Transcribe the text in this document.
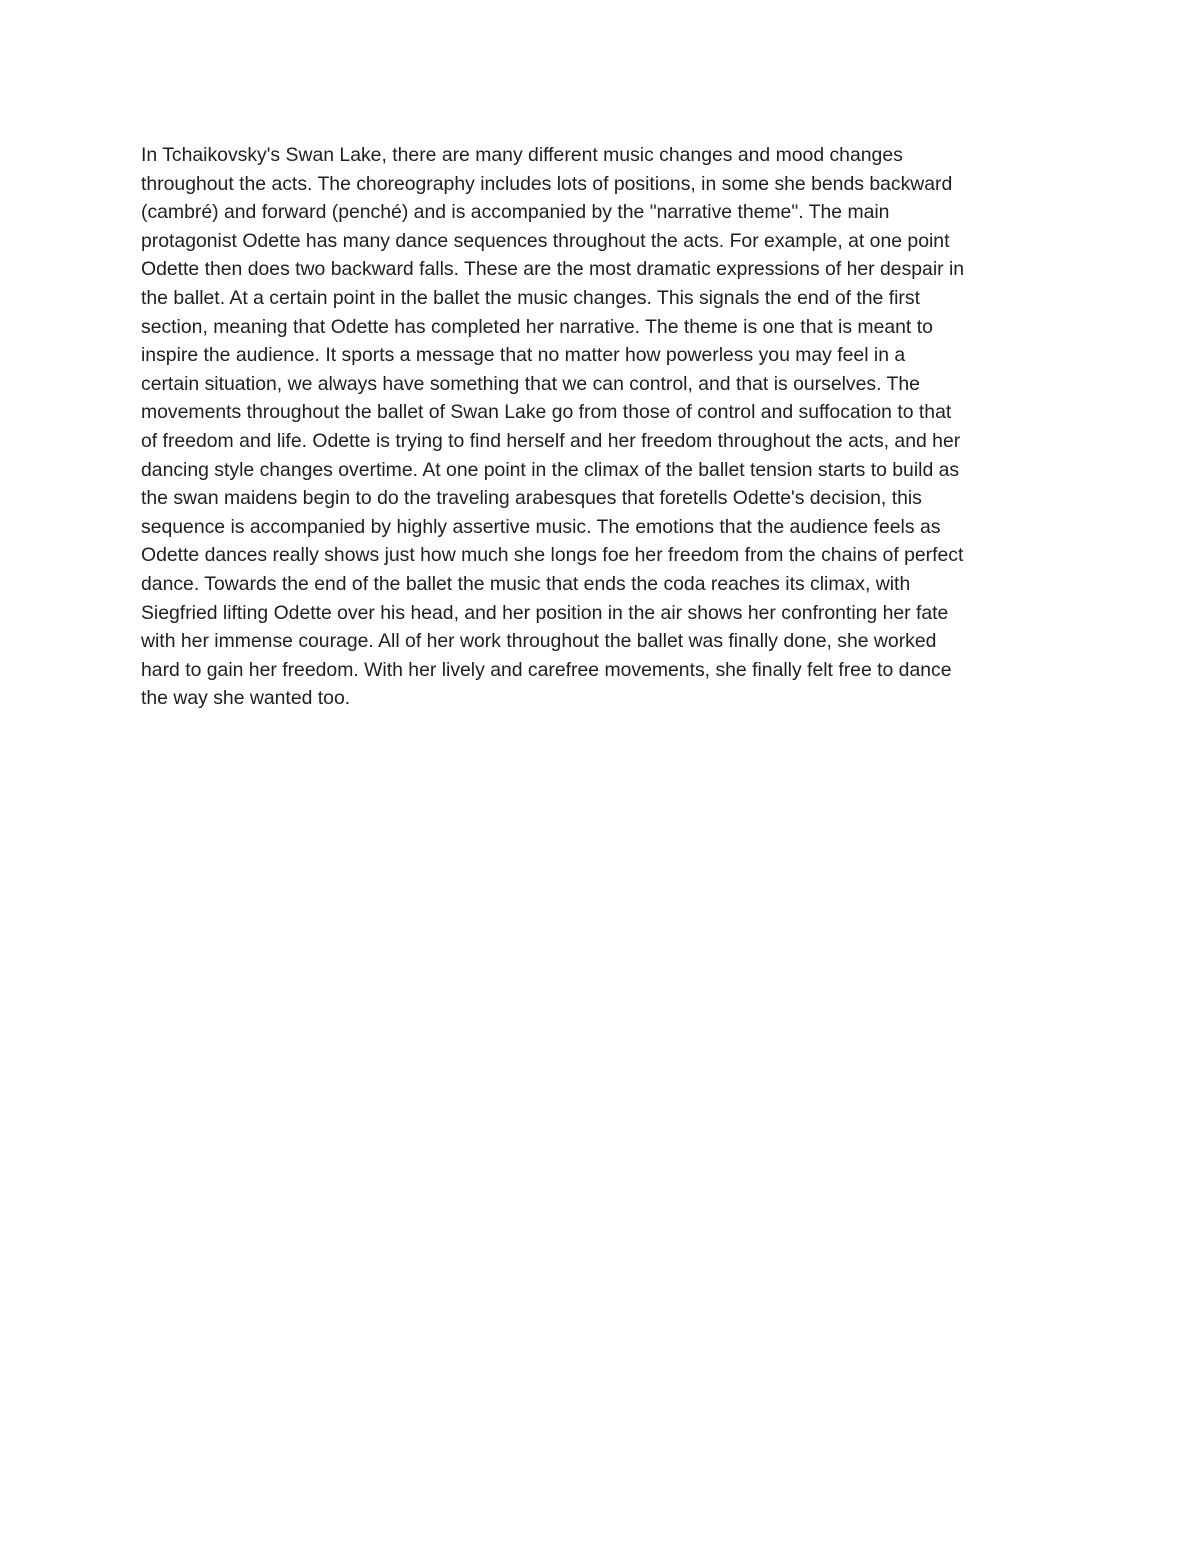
In Tchaikovsky's Swan Lake, there are many different music changes and mood changes
throughout the acts. The choreography includes lots of positions, in some she bends backward
(cambré) and forward (penché) and is accompanied by the "narrative theme". The main
protagonist Odette has many dance sequences throughout the acts. For example, at one point
Odette then does two backward falls. These are the most dramatic expressions of her despair in
the ballet. At a certain point in the ballet the music changes. This signals the end of the first
section, meaning that Odette has completed her narrative. The theme is one that is meant to
inspire the audience. It sports a message that no matter how powerless you may feel in a
certain situation, we always have something that we can control, and that is ourselves. The
movements throughout the ballet of Swan Lake go from those of control and suffocation to that
of freedom and life. Odette is trying to find herself and her freedom throughout the acts, and her
dancing style changes overtime. At one point in the climax of the ballet tension starts to build as
the swan maidens begin to do the traveling arabesques that foretells Odette's decision, this
sequence is accompanied by highly assertive music. The emotions that the audience feels as
Odette dances really shows just how much she longs foe her freedom from the chains of perfect
dance. Towards the end of the ballet the music that ends the coda reaches its climax, with
Siegfried lifting Odette over his head, and her position in the air shows her confronting her fate
with her immense courage. All of her work throughout the ballet was finally done, she worked
hard to gain her freedom. With her lively and carefree movements, she finally felt free to dance
the way she wanted too.
